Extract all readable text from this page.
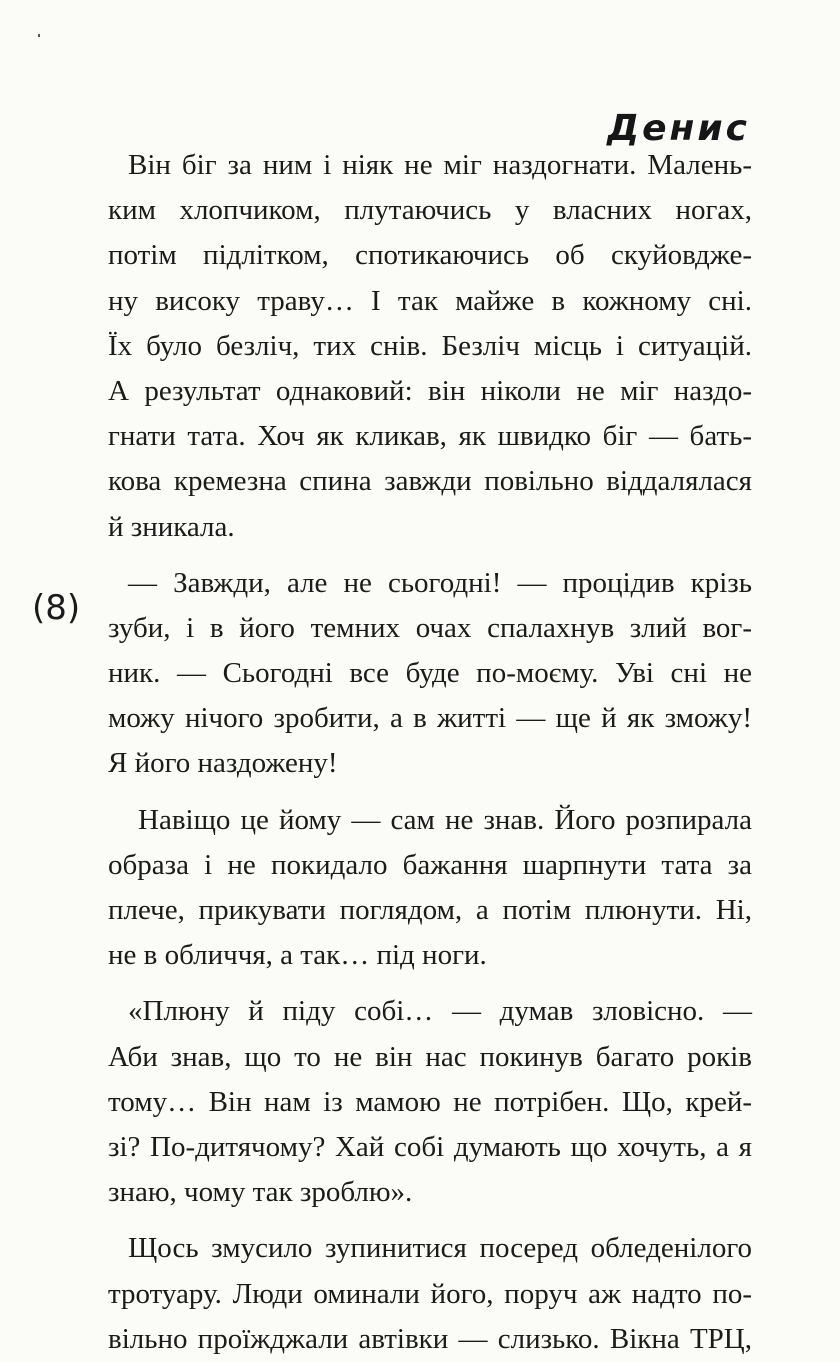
Денис
(8)
Він біг за ним і ніяк не міг наздогнати. Малень-
ким хлопчиком, плутаючись у власних ногах,
потім підлітком, спотикаючись об скуйовдже-
ну високу траву… І так майже в кожному сні.
Їх було безліч, тих снів. Безліч місць і ситуацій.
А результат однаковий: він ніколи не міг наздо-
гнати тата. Хоч як кликав, як швидко біг — бать-
кова кремезна спина завжди повільно віддалялася
й зникала.
— Завжди, але не сьогодні! — процідив крізь
зуби, і в його темних очах спалахнув злий вог-
ник. — Сьогодні все буде по-моєму. Уві сні не
можу нічого зробити, а в житті — ще й як зможу!
Я його наздожену!
Навіщо це йому — сам не знав. Його розпирала
образа і не покидало бажання шарпнути тата за
плече, прикувати поглядом, а потім плюнути. Ні,
не в обличчя, а так… під ноги.
«Плюну й піду собі… — думав зловісно. —
Аби знав, що то не він нас покинув багато років
тому… Він нам із мамою не потрібен. Що, крей-
зі? По-дитячому? Хай собі думають що хочуть, а я
знаю, чому так зроблю».
Щось змусило зупинитися посеред обледенілого
тротуару. Люди оминали його, поруч аж надто по-
вільно проїжджали автівки — слизько. Вікна ТРЦ,
